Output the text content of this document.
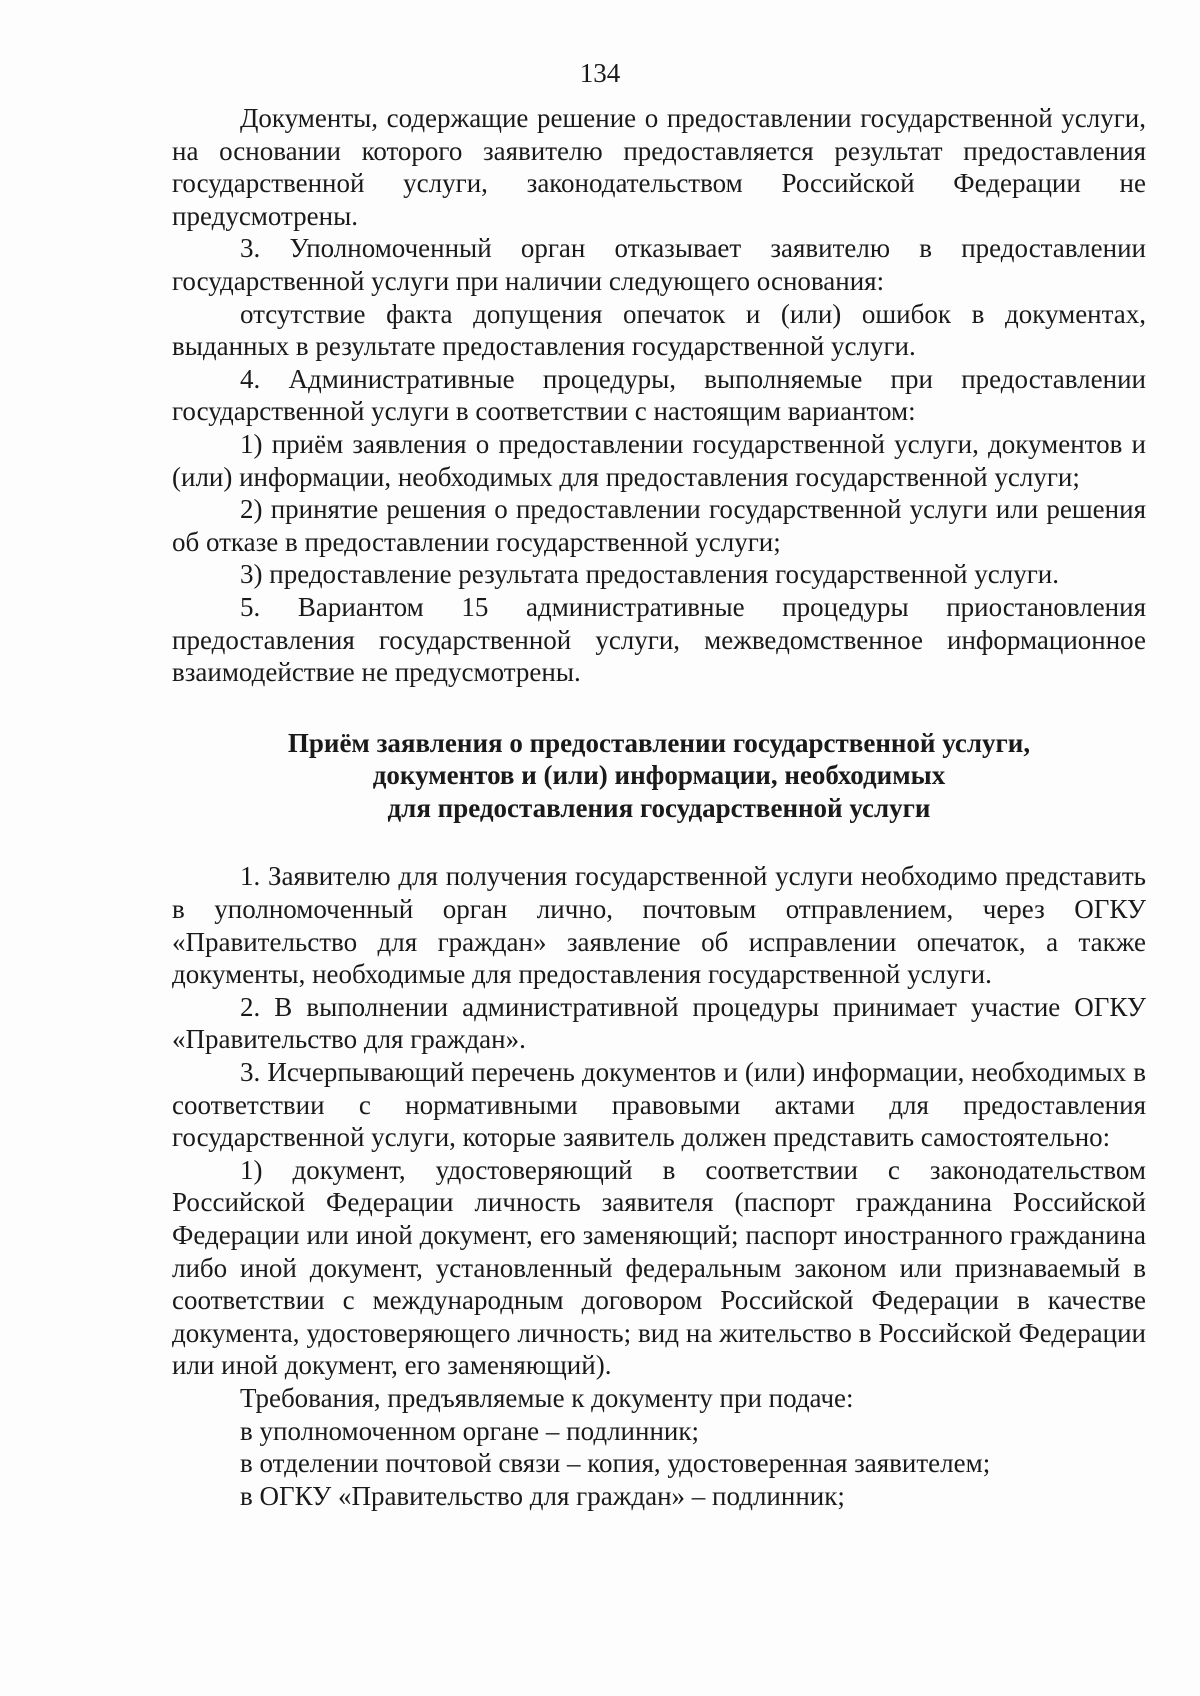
134

Документы, содержащие решение о предоставлении государственной услуги, на основании которого заявителю предоставляется результат предоставления государственной услуги, законодательством Российской Федерации не предусмотрены.

3. Уполномоченный орган отказывает заявителю в предоставлении государственной услуги при наличии следующего основания:

отсутствие факта допущения опечаток и (или) ошибок в документах, выданных в результате предоставления государственной услуги.

4. Административные процедуры, выполняемые при предоставлении государственной услуги в соответствии с настоящим вариантом:

1) приём заявления о предоставлении государственной услуги, документов и (или) информации, необходимых для предоставления государственной услуги;

2) принятие решения о предоставлении государственной услуги или решения об отказе в предоставлении государственной услуги;

3) предоставление результата предоставления государственной услуги.

5. Вариантом 15 административные процедуры приостановления предоставления государственной услуги, межведомственное информационное взаимодействие не предусмотрены.

Приём заявления о предоставлении государственной услуги,
документов и (или) информации, необходимых
для предоставления государственной услуги

1. Заявителю для получения государственной услуги необходимо представить в уполномоченный орган лично, почтовым отправлением, через ОГКУ «Правительство для граждан» заявление об исправлении опечаток, а также документы, необходимые для предоставления государственной услуги.

2. В выполнении административной процедуры принимает участие ОГКУ «Правительство для граждан».

3. Исчерпывающий перечень документов и (или) информации, необходимых в соответствии с нормативными правовыми актами для предоставления государственной услуги, которые заявитель должен представить самостоятельно:

1) документ, удостоверяющий в соответствии с законодательством Российской Федерации личность заявителя (паспорт гражданина Российской Федерации или иной документ, его заменяющий; паспорт иностранного гражданина либо иной документ, установленный федеральным законом или признаваемый в соответствии с международным договором Российской Федерации в качестве документа, удостоверяющего личность; вид на жительство в Российской Федерации или иной документ, его заменяющий).

Требования, предъявляемые к документу при подаче:

в уполномоченном органе – подлинник;

в отделении почтовой связи – копия, удостоверенная заявителем;

в ОГКУ «Правительство для граждан» – подлинник;
